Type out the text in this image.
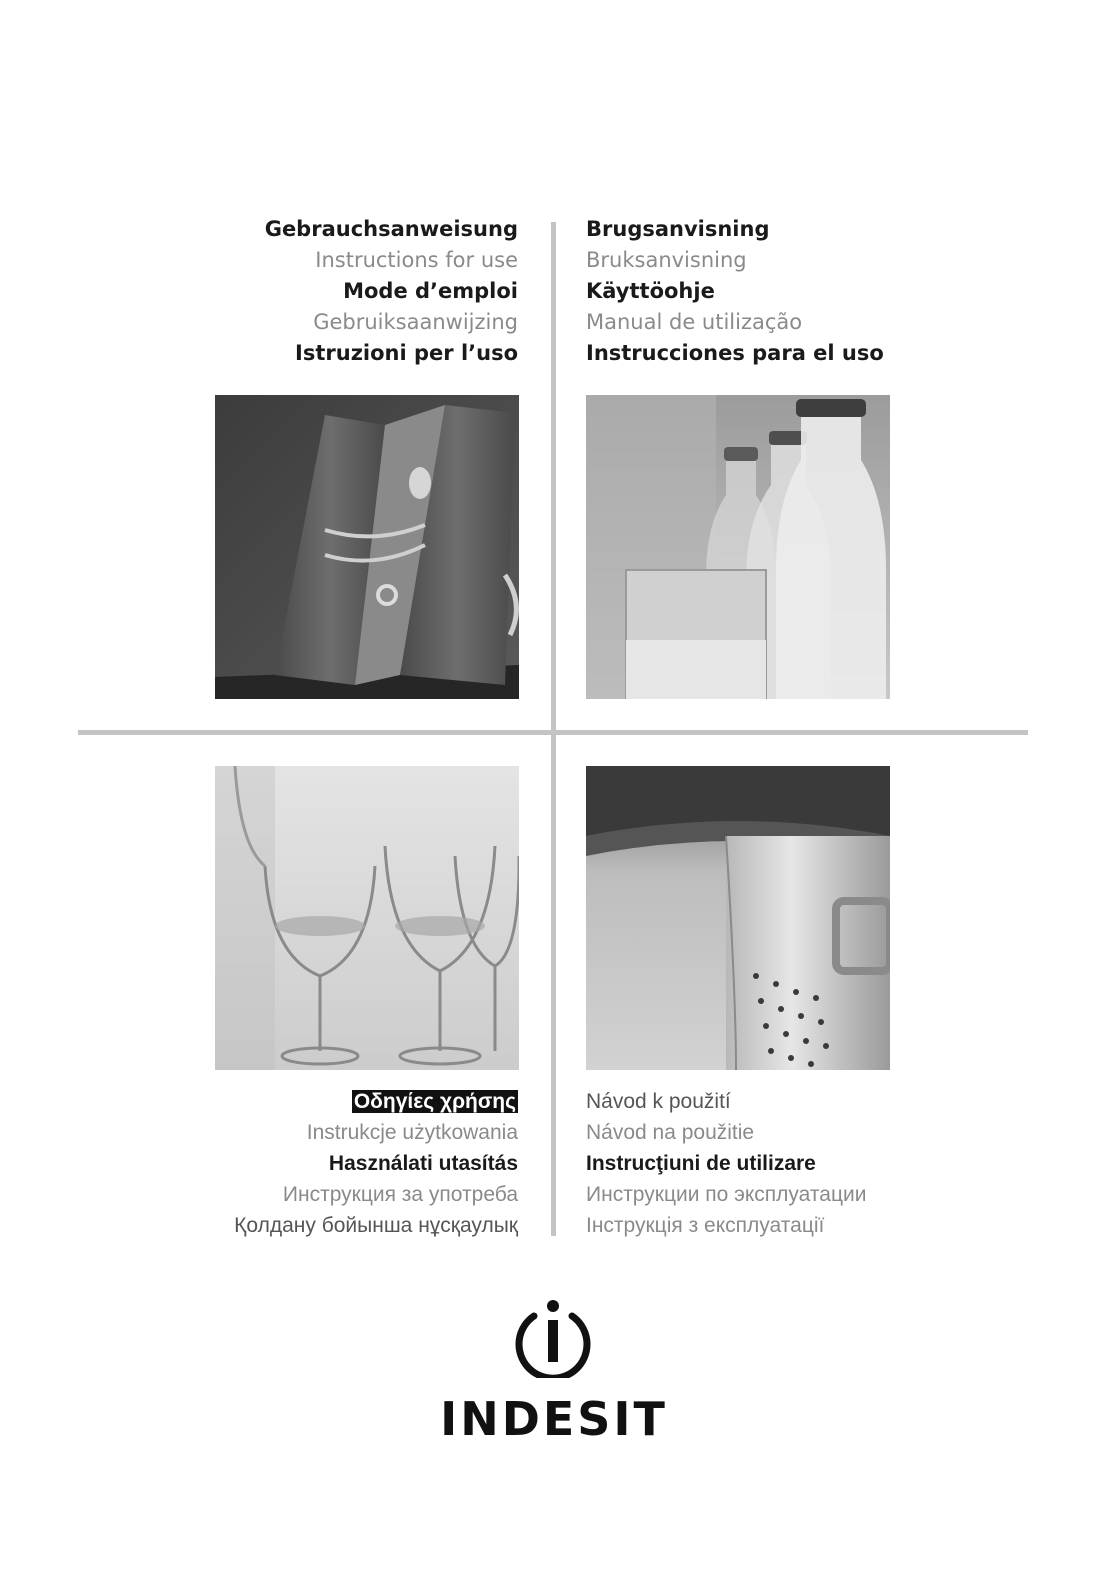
Gebrauchsanweisung
Instructions for use
Mode d’emploi
Gebruiksaanwijzing
Istruzioni per l’uso
Brugsanvisning
Bruksanvisning
Käyttöohje
Manual de utilização
Instrucciones para el uso
Οδηγίες χρήσης
Instrukcje użytkowania
Használati utasítás
Инструкция за употреба
Қолдану бойынша нұсқаулық
Návod k použití
Návod na použitie
Instrucţiuni de utilizare
Инструкции по эксплуатации
Інструкція з експлуатації
INDESIT
